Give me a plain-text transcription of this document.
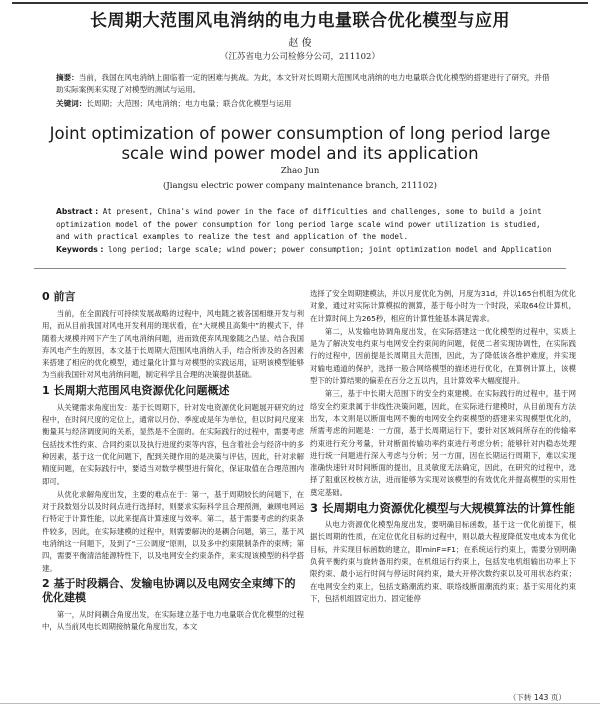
长周期大范围风电消纳的电力电量联合优化模型与应用
赵 俊
（江苏省电力公司检修分公司，211102）
摘要：当前，我国在风电消纳上面临着一定的困难与挑战。为此，本文针对长周期大范围风电消纳的电力电量联合优化模型的搭建进行了研究，并借助实际案例来实现了对模型的测试与运用。
关键词：长周期；大范围；风电消纳；电力电量；联合优化模型与运用
Joint optimization of power consumption of long period large scale wind power model and its application
Zhao Jun
(Jiangsu electric power company maintenance branch, 211102)
Abstract : At present, China's wind power in the face of difficulties and challenges, some to build a joint optimization model of the power consumption for long period large scale wind power utilization is studied, and with practical examples to realize the test and application of the model.
Keywords : long period; large scale; wind power; power consumption; joint optimization model and Application
0 前言

当前，在全面践行可持续发展战略的过程中，风电随之被各国相继开发与利用，而从目前我国对风电开发利用的现状看，在“大规模且高集中”的模式下，伴随着大规模并网下产生了风电消纳问题，进而致使弃风现象随之凸显。结合我国弃风电产生的原因，本文基于长周期大范围风电消纳入手，结合所涉及的各因素来搭建了相应的优化模型，通过量化计算与对模型的实践运用，证明该模型能够为当前我国针对风电消纳问题，制定科学且合理的决策提供基础。

1 长周期大范围风电资源优化问题概述

从关键需求角度出发：基于长周期下，针对发电资源优化问题展开研究的过程中，在时间尺度的定位上，通常以月份、季度或是年为单位，但以时间尺度来衡量其与经济调度间的关系，显然是不全面的。在实际践行的过程中，需要考虑包括技术性约束、合同约束以及执行进度约束等内容，包含着社会与经济中的多种因素，基于这一优化问题下，配到关键作用的是决策与评估，因此，针对求解精度问题，在实际践行中，要适当对数学模型进行简化，保证取值在合理范围内即可。

从优化求解角度出发，主要的难点在于：第一，基于周期较长的问题下，在对于段数划分以及时间点进行选择时，则要求实际科学且合理预测，兼顾电网运行特定于计算性能，以此来提高计算速度与效率。第二，基于需要考虑的约束条件较多，因此，在实际建模的过程中，则需要解决的是耦合问题，第三，基于风电消纳这一问题下，及到了“三公调度”原则，以及多中约束限制条件的束缚；第四，需要平衡清洁能源特性下，以及电网安全约束条件，来实现该模型的科学搭建。

2 基于时段耦合、发输电协调以及电网安全束缚下的优化建模

第一，从时间耦合角度出发，在实际建立基于电力电量联合优化模型的过程中，从当前风电长周期接纳量化角度出发，本文

选择了安全周期建模法，并以月度优化为例，月度为31d，并以165台机组为优化对象，通过对实际计算模拟的测算，基于每小时为一个时段，采取64位计算机，在计算时间上为265秒，相应的计算性能基本满足需求。

第二，从发输电协调角度出发，在实际搭建这一优化模型的过程中，实质上是为了解决发电约束与电网安全约束间的问题，促使二者实现协调性，在实际践行的过程中，因前提是长周期且大范围，因此，为了降低该各维护难度，并实现对输电通道的保护，选择一般合网络模型的描述进行优化，在算例计算上，该模型下的计算结果的偏差在百分之五以内，且计算效率大幅度提升。

第三，基于中长期大范围下的安全约束建模。在实际践行的过程中，基于网络安全约束隶属于非线性决策问题，因此，在实际进行建模时，从目前现有方法出发，本文则是以断面电网不衡的电网安全约束模型的搭建来实现模型优化的，所需考虑的问题是：一方面，基于长周期运行下，要针对区域间所存在的传输率约束进行充分考量，针对断面传输功率约束进行考虑分析；能够针对内稳态处理进行统一问题进行深入考虑与分析；另一方面，因在长期运行周期下，难以实现准确快速针对时间断面的提出，且灵敏度无法确定，因此，在研究的过程中，选择了阻重区校核方法，进而能够为实现对该模型的有效优化并提高模型的实用性奠定基础。

3 长周期电力资源优化模型与大规模算法的计算性能

从电力资源优化模型角度出发，要明确目标函数，基于这一优化前提下，根据长周期的性质，在定位优化目标的过程中，则以最大程度降低发电成本为优化目标，并实现目标函数的建立，即minF=F1；在系统运行约束上，需要分别明确负荷平衡约束与旋转备用约束，在机组运行约束上，包括发电机组输出功率上下限约束、最小运行时间与停运时间约束，最大开停次数约束以及可用状态约束；在电网安全约束上，包括支路潮流约束、联络线断面潮流约束；基于实用化约束下，包括机组固定出力、固定能停

（下转 143 页）
